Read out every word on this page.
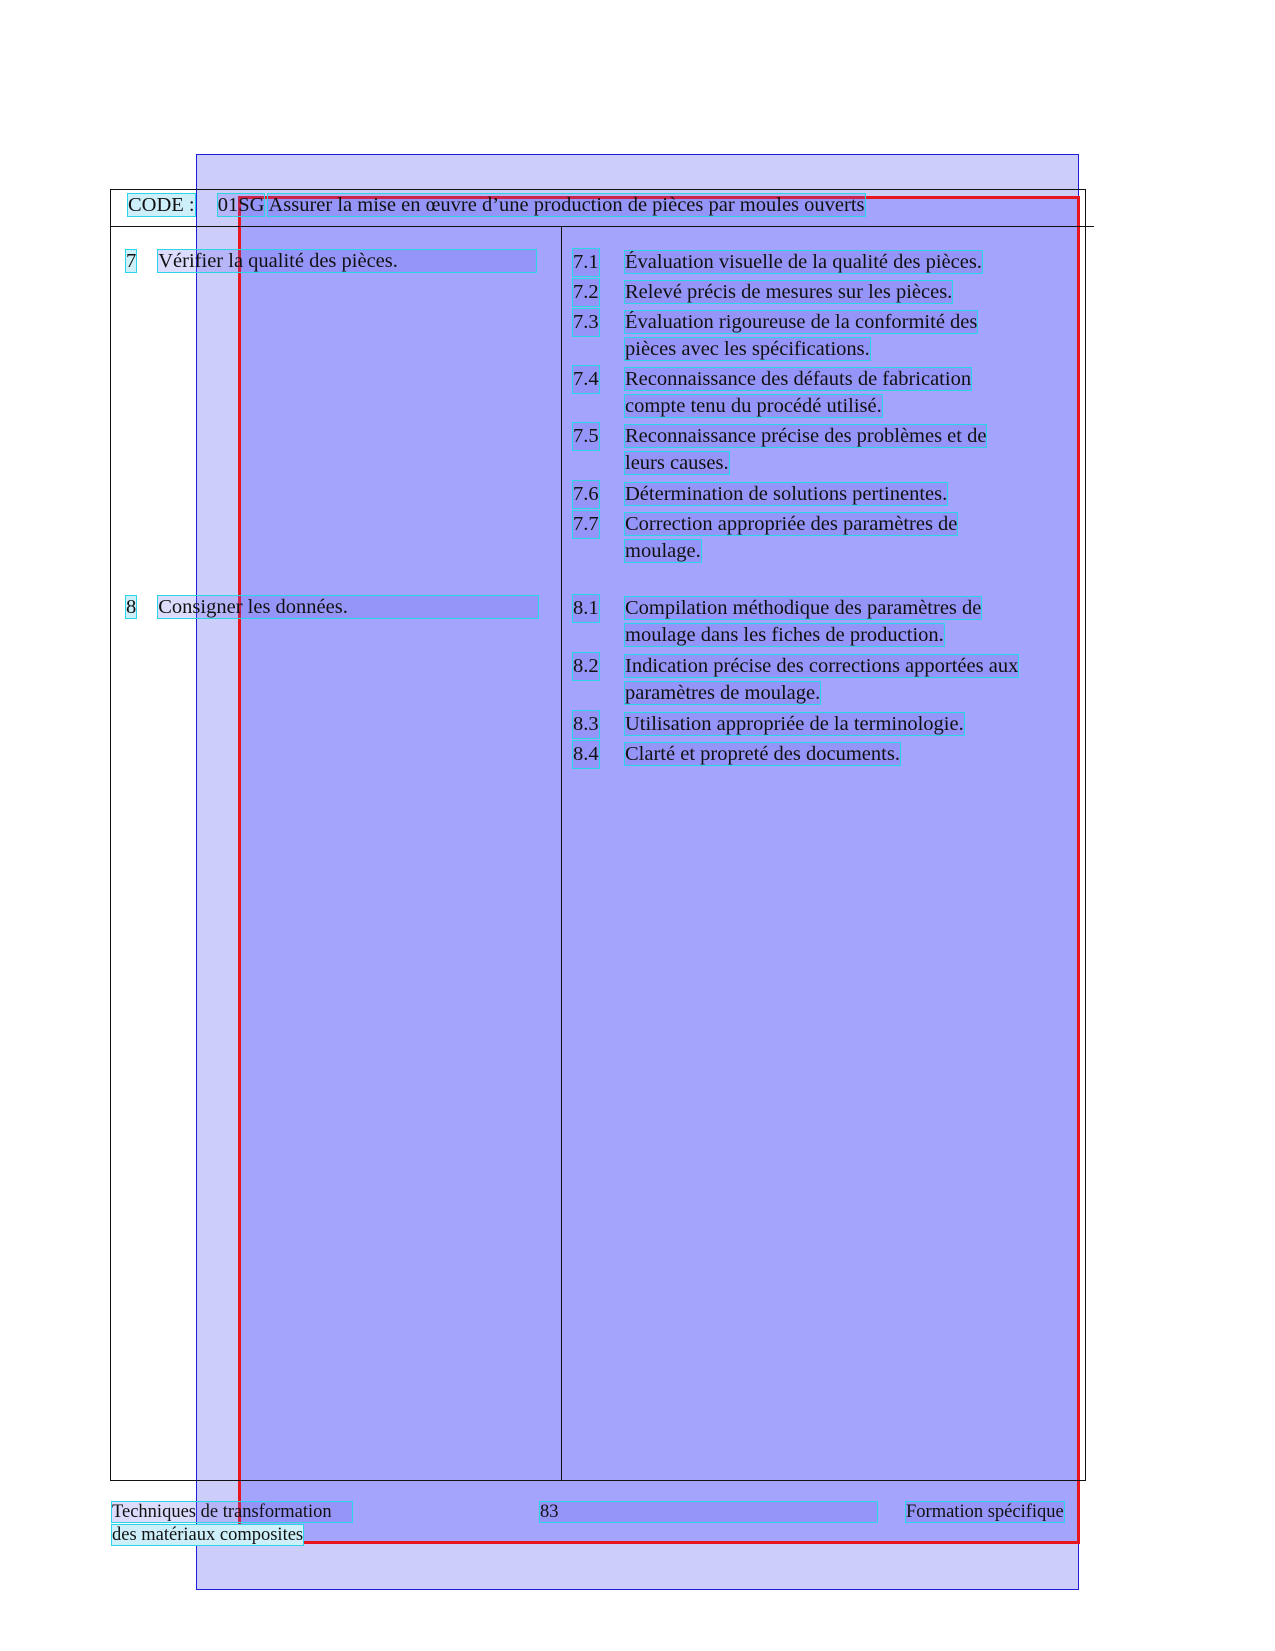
CODE : 01SG Assurer la mise en œuvre d’une production de pièces par moules ouverts
7 Vérifier la qualité des pièces.	7.1 Évaluation visuelle de la qualité des pièces.
7.2 Relevé précis de mesures sur les pièces.
7.3 Évaluation rigoureuse de la conformité des
pièces avec les spécifications.
7.4 Reconnaissance des défauts de fabrication
compte tenu du procédé utilisé.
7.5 Reconnaissance précise des problèmes et de
leurs causes.
7.6 Détermination de solutions pertinentes.
7.7 Correction appropriée des paramètres de
moulage.
8 Consigner les données.	8.1 Compilation méthodique des paramètres de
moulage dans les fiches de production.
8.2 Indication précise des corrections apportées aux
paramètres de moulage.
8.3 Utilisation appropriée de la terminologie.
8.4 Clarté et propreté des documents.
Techniques de transformation
des matériaux composites
83	Formation spécifique
